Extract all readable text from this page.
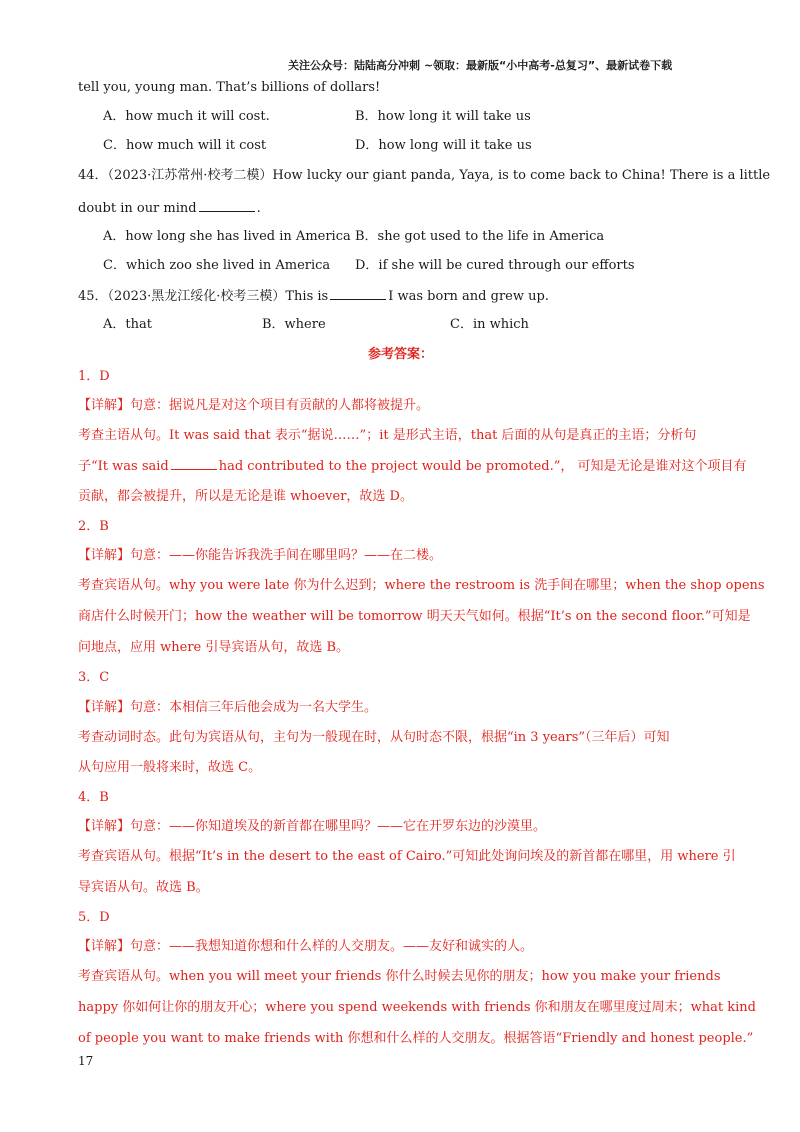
关注公众号：陆陆高分冲刺 ~领取：最新版“小中高考-总复习”、最新试卷下载
tell you, young man. That’s billions of dollars!
A．how much it will cost.	B．how long it will take us
C．how much will it cost	D．how long will it take us
44．（2023·江苏常州·校考二模）How lucky our giant panda, Yaya, is to come back to China! There is a little
doubt in our mind	.
A．how long she has lived in America B．she got used to the life in America
C．which zoo she lived in America D．if she will be cured through our efforts
45．（2023·黑龙江绥化·校考三模）This is	I was born and grew up.
A．that	B．where	C．in which
参考答案：
1．D
【详解】句意：据说凡是对这个项目有贡献的人都将被提升。
考查主语从句。It was said that 表示“据说……”；it 是形式主语，that 后面的从句是真正的主语；分析句
子“It was said	had contributed to the project would be promoted.”， 可知是无论是谁对这个项目有
贡献，都会被提升，所以是无论是谁 whoever，故选 D。
2．B
【详解】句意：——你能告诉我洗手间在哪里吗？——在二楼。
考查宾语从句。why you were late 你为什么迟到；where the restroom is 洗手间在哪里；when the shop opens
商店什么时候开门；how the weather will be tomorrow 明天天气如何。根据“It’s on the second floor.”可知是
问地点，应用 where 引导宾语从句，故选 B。
3．C
【详解】句意：本相信三年后他会成为一名大学生。
考查动词时态。此句为宾语从句，主句为一般现在时，从句时态不限，根据“in 3 years”（三年后）可知
从句应用一般将来时，故选 C。
4．B
【详解】句意：——你知道埃及的新首都在哪里吗？——它在开罗东边的沙漠里。
考查宾语从句。根据“It’s in the desert to the east of Cairo.”可知此处询问埃及的新首都在哪里，用 where 引
导宾语从句。故选 B。
5．D
【详解】句意：——我想知道你想和什么样的人交朋友。——友好和诚实的人。
考查宾语从句。when you will meet your friends 你什么时候去见你的朋友；how you make your friends
happy 你如何让你的朋友开心；where you spend weekends with friends 你和朋友在哪里度过周末；what kind
of people you want to make friends with 你想和什么样的人交朋友。根据答语“Friendly and honest people.”
17
